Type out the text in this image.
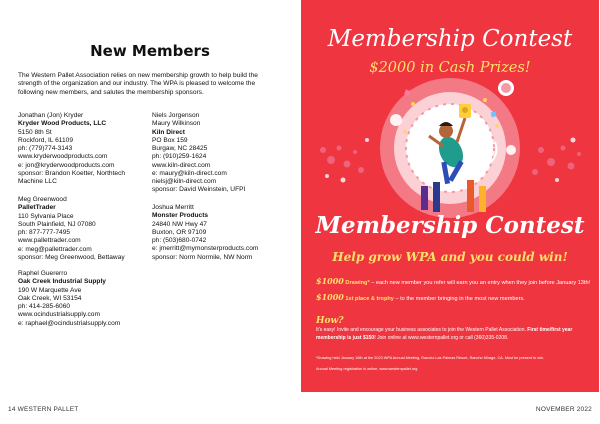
New Members
The Western Pallet Association relies on new membership growth to help build the strength of the organization and our industry. The WPA is pleased to welcome the following new members, and salutes the membership sponsors.
Jonathan (Jon) Kryder
Kryder Wood Products, LLC
5150 8th St
Rockford, IL 61109
ph: (779)774-3143
www.kryderwoodproducts.com
e: jon@kryderwoodproducts.com
sponsor: Brandon Koetter, Northtech
Machine LLC
Meg Greenwood
PalletTrader
110 Sylvania Place
South Plainfield, NJ 07080
ph: 877-777-7495
www.pallettrader.com
e: meg@pallettrader.com
sponsor: Meg Greenwood, Bettaway
Raphel Guererro
Oak Creek Industrial Supply
190 W Marquette Ave
Oak Creek, WI 53154
ph: 414-285-6060
www.ocindustrialsupply.com
e: raphael@ocindustrialsupply.com
Niels Jorgenson
Maury Wilkinson
Kiln Direct
PO Box 159
Burgaw, NC 28425
ph: (910)259-1624
www.kiln-direct.com
e: maury@kiln-direct.com
nielsj@kiln-direct.com
sponsor: David Weinstein, UFPI
Joshua Merritt
Monster Products
24840 NW Hwy 47
Buxton, OR 97109
ph: (503)680-0742
e: jmerritt@mymonsterproducts.com
sponsor: Norm Normile, NW Norm
14 WESTERN PALLET	NOVEMBER 2022
Membership Contest
$2000 in Cash Prizes!
Membership Contest
Help grow WPA and you could win!
$1000 Drawing* – each new member you refer will earn you an entry when they join before January 13th!
$1000 1st place & trophy – to the member bringing in the most new members.
How?
It's easy! Invite and encourage your business associates to join the Western Pallet Association. First time/first year membership is just $150! Join online at www.westernpallet.org or call (360)335-0208.
*Drawing held January 16th at the 2023 WPA Annual Meeting, Rancho Las Palmas Resort, Rancho Mirage, CA. Must be present to win.
Annual Meeting registration is online, www.westernpallet.org
